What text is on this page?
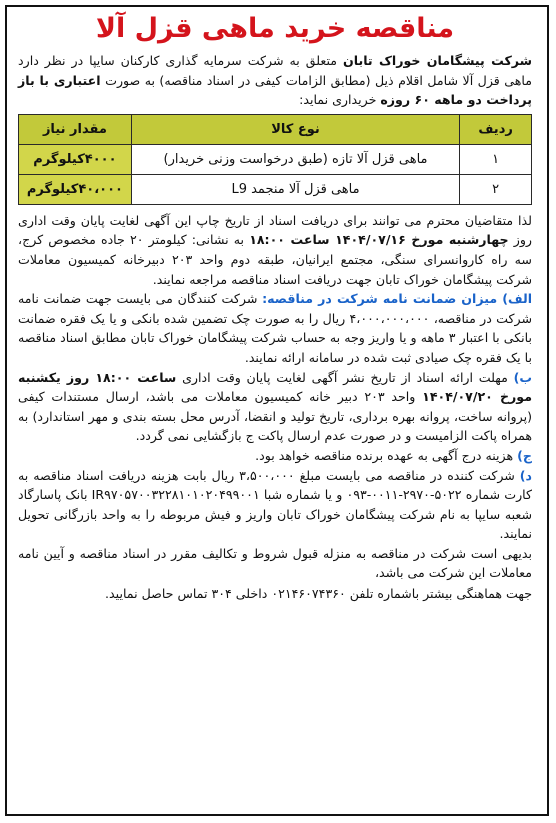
مناقصه خرید ماهی قزل آلا

شرکت پیشگامان خوراک تابان متعلق به شرکت سرمایه گذاری کارکنان سایپا در نظر دارد ماهی قزل آلا شامل اقلام ذیل (مطابق الزامات کیفی در اسناد مناقصه) به صورت اعتباری با باز پرداخت دو ماهه ۶۰ روزه خریداری نماید:

ردیف	نوع کالا	مقدار نیاز
۱	ماهی قزل آلا تازه (طبق درخواست وزنی خریدار)	۴۰۰۰کیلوگرم
۲	ماهی قزل آلا منجمد L9	۴۰،۰۰۰کیلوگرم

لذا متقاضیان محترم می توانند برای دریافت اسناد از تاریخ چاپ این آگهی لغایت پایان وقت اداری روز چهارشنبه مورخ ۱۴۰۴/۰۷/۱۶ ساعت ۱۸:۰۰ به نشانی: کیلومتر ۲۰ جاده مخصوص کرج، سه راه کاروانسرای سنگی، مجتمع ایرانیان، طبقه دوم واحد ۲۰۳ دبیرخانه کمیسیون معاملات شرکت پیشگامان خوراک تابان جهت دریافت اسناد مناقصه مراجعه نمایند.

الف) میزان ضمانت نامه شرکت در مناقصه: شرکت کنندگان می بایست جهت ضمانت نامه شرکت در مناقصه، ۴،۰۰۰،۰۰۰،۰۰۰ ریال را به صورت چک تضمین شده بانکی و یا یک فقره ضمانت بانکی با اعتبار ۳ ماهه و یا واریز وجه به حساب شرکت پیشگامان خوراک تابان مطابق اسناد مناقصه با یک فقره چک صیادی ثبت شده در سامانه ارائه نمایند.

ب) مهلت ارائه اسناد از تاریخ نشر آگهی لغایت پایان وقت اداری ساعت ۱۸:۰۰ روز یکشنبه مورخ ۱۴۰۴/۰۷/۲۰ واحد ۲۰۳ دبیر خانه کمیسیون معاملات می باشد، ارسال مستندات کیفی (پروانه ساخت، پروانه بهره برداری، تاریخ تولید و انقضا، آدرس محل بسته بندی و مهر استاندارد) به همراه پاکت الزامیست و در صورت عدم ارسال پاکت ج بازگشایی نمی گردد.

ج) هزینه درج آگهی به عهده برنده مناقصه خواهد بود.

د) شرکت کننده در مناقصه می بایست مبلغ ۳،۵۰۰،۰۰۰ ریال بابت هزینه دریافت اسناد مناقصه به کارت شماره ۵۰۲۲-۲۹۷۰-۰۰۱۱-۰۹۳ و یا شماره شبا IR۹۷۰۵۷۰۰۳۲۲۸۱۰۱۰۲۰۴۹۹۰۰۱ بانک پاسارگاد شعبه سایپا به نام شرکت پیشگامان خوراک تابان واریز و فیش مربوطه را به واحد بازرگانی تحویل نمایند.

بدیهی است شرکت در مناقصه به منزله قبول شروط و تکالیف مقرر در اسناد مناقصه و آیین نامه معاملات این شرکت می باشد،

جهت هماهنگی بیشتر باشماره تلفن ۰۲۱۴۶۰۷۴۳۶۰ داخلی ۳۰۴ تماس حاصل نمایید.
